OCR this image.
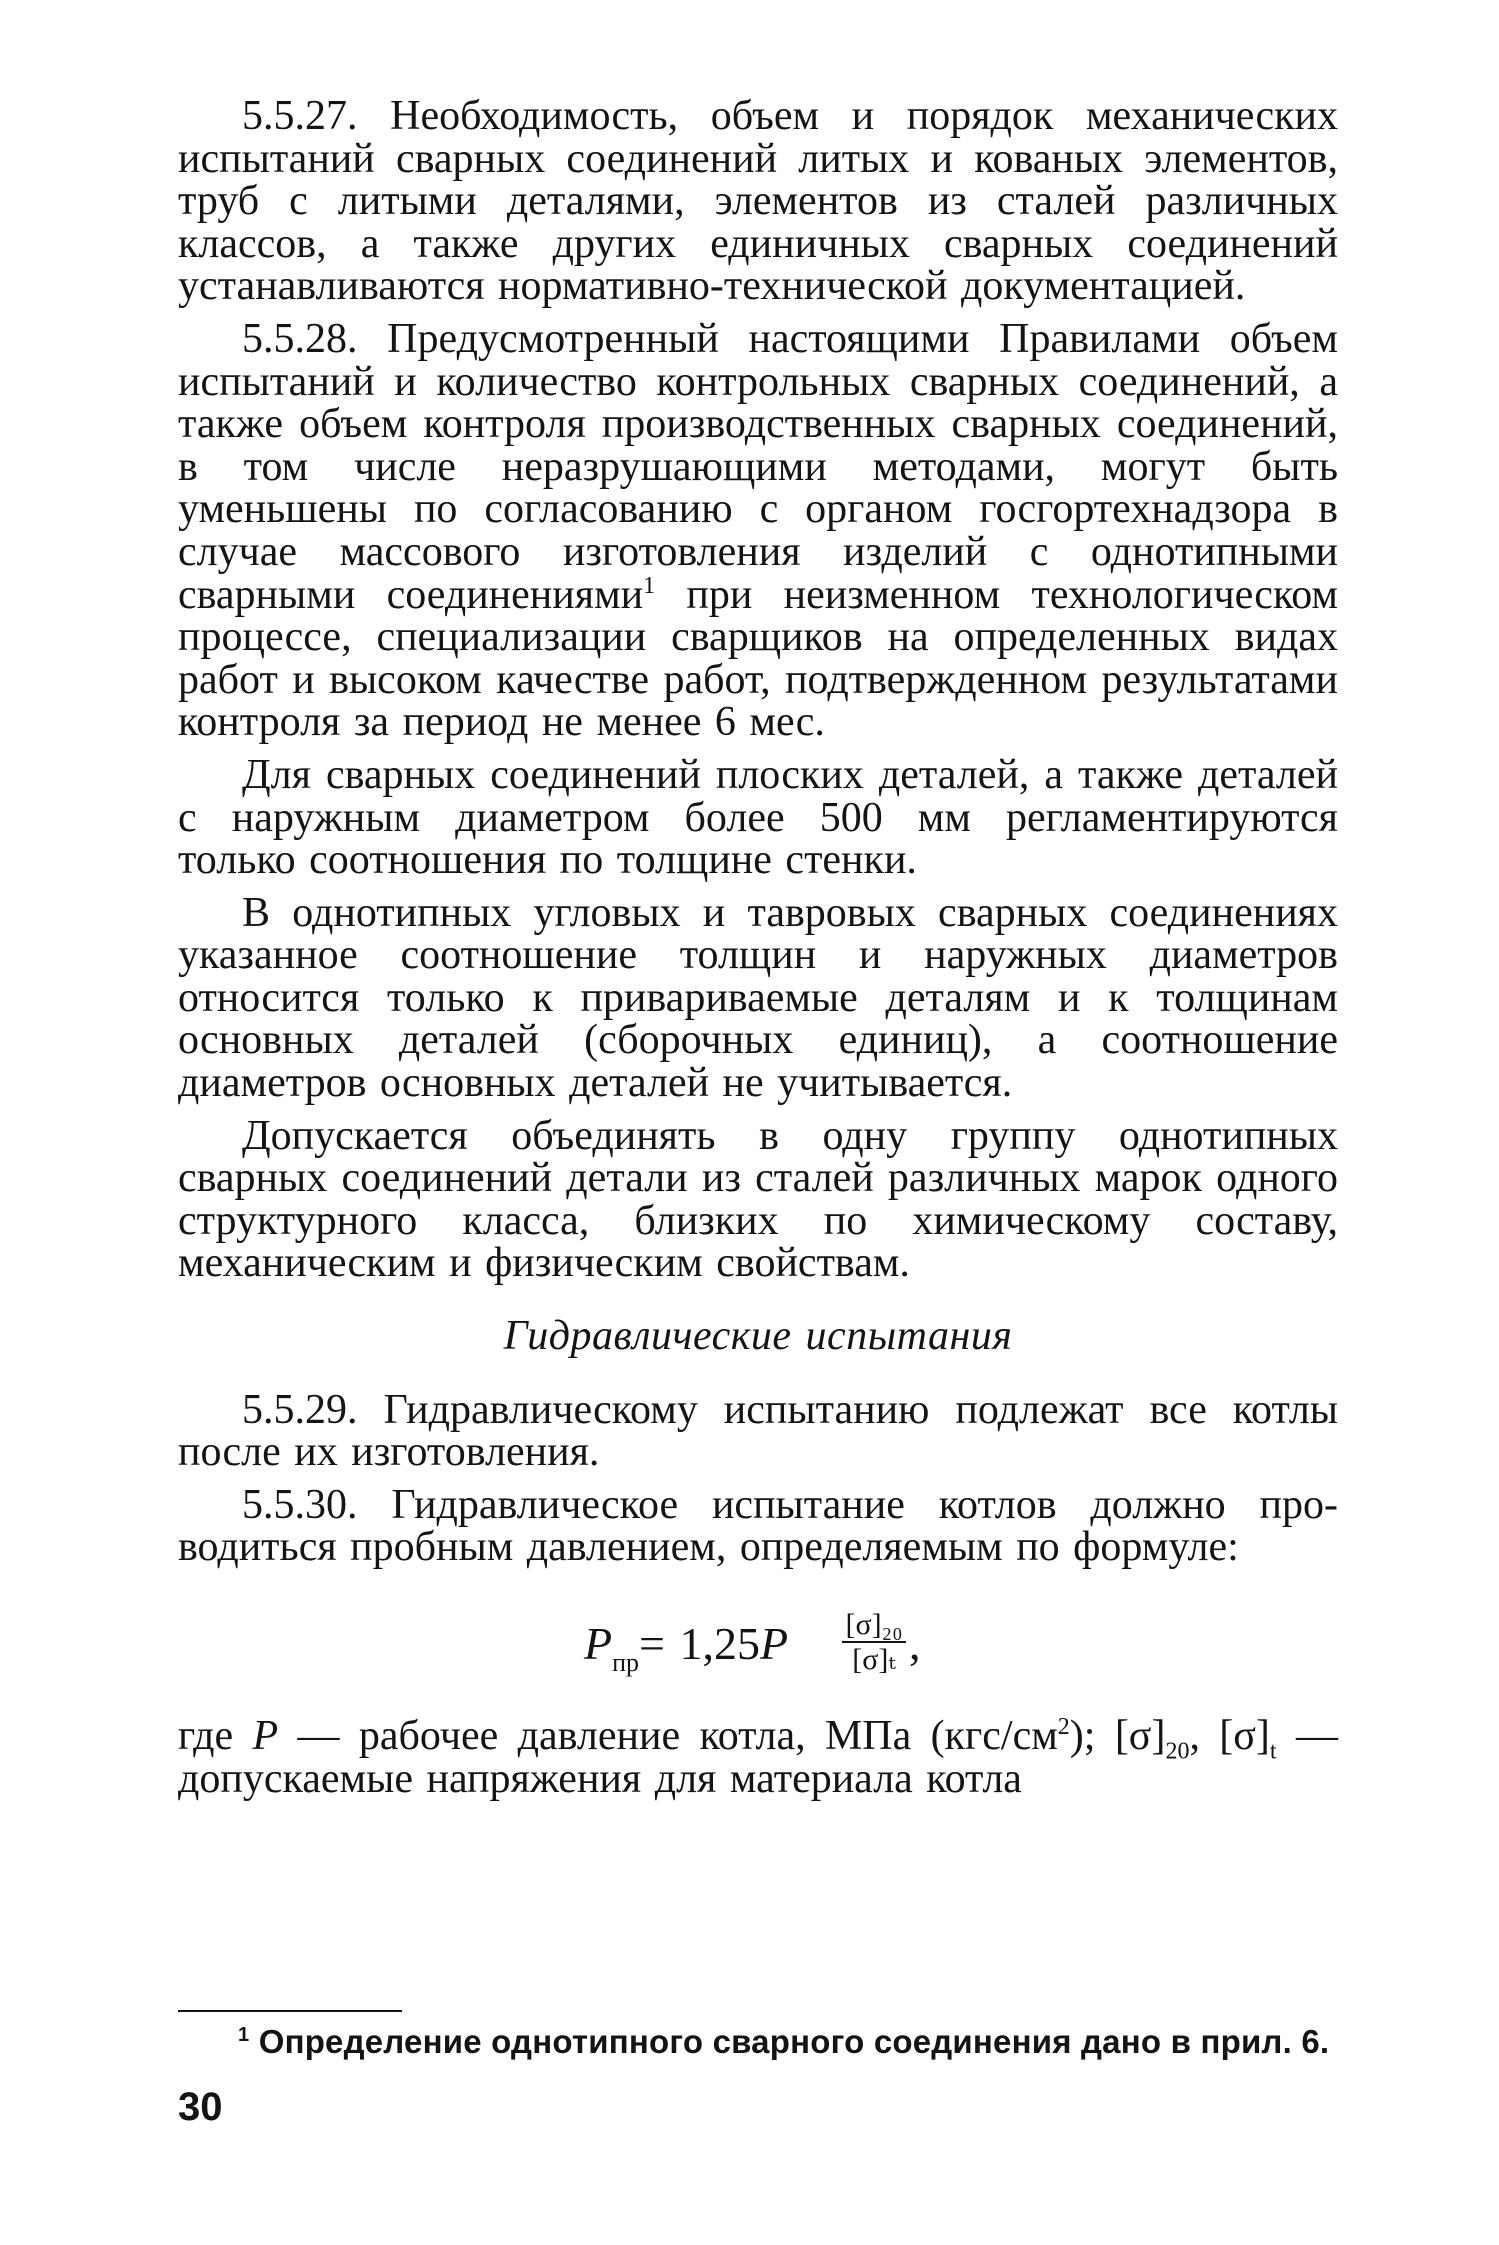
5.5.27. Необходимость, объем и порядок механических испытаний сварных соединений литых и кованых элементов, труб с литыми деталями, элементов из сталей различных классов, а также других единичных сварных соединений устанавливаются нормативно-технической документацией.

5.5.28. Предусмотренный настоящими Правилами объем испытаний и количество контрольных сварных соединений, а также объем контроля производственных сварных соединений, в том числе неразрушающими методами, могут быть уменьшены по согласованию с органом госгортехнадзора в случае массового изготовления изделий с однотипными сварными соединениями$^1$ при неизменном технологическом процессе, специализации сварщиков на определенных видах работ и высоком качестве работ, подтвержденном результатами контроля за период не менее 6 мес.

Для сварных соединений плоских деталей, а также деталей с наружным диаметром более 500 мм регламентируются только соотношения по толщине стенки.

В однотипных угловых и тавровых сварных соединениях указанное соотношение толщин и наружных диаметров относится только к привариваемые деталям и к толщинам основных деталей (сборочных единиц), а соотношение диаметров основных деталей не учитывается.

Допускается объединять в одну группу однотипных сварных соединений детали из сталей различных марок одного структурного класса, близких по химическому составу, механическим и физическим свойствам.

Гидравлические испытания

5.5.29. Гидравлическому испытанию подлежат все котлы после их изготовления.

5.5.30. Гидравлическое испытание котлов должно проводиться пробным давлением, определяемым по формуле:

$P_{пр}= 1,25P \frac{\text{[σ]₂₀}}{\text{[σ]ₜ}}$ ,

где P — рабочее давление котла, МПа $(кгс/см^2)$; $[\sigma]_{20}$, $[\sigma]_t$ — допускаемые напряжения для материала котла

$^1$ Определение однотипного сварного соединения дано в прил. 6.
30
